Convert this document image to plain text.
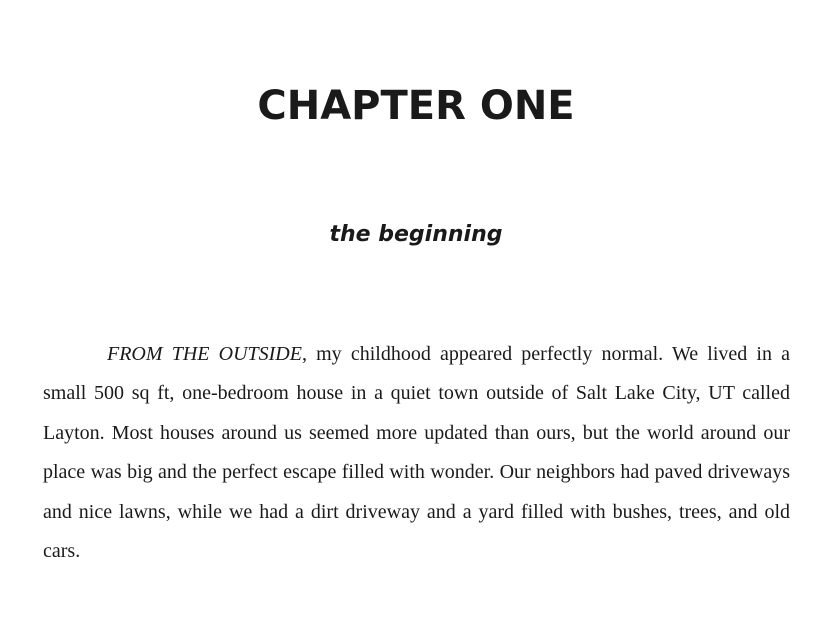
CHAPTER ONE
the beginning

FROM THE OUTSIDE, my childhood appeared perfectly normal. We lived in a small 500 sq ft, one-bedroom house in a quiet town outside of Salt Lake City, UT called Layton. Most houses around us seemed more updated than ours, but the world around our place was big and the perfect escape filled with wonder. Our neighbors had paved driveways and nice lawns, while we had a dirt driveway and a yard filled with bushes, trees, and old cars.
